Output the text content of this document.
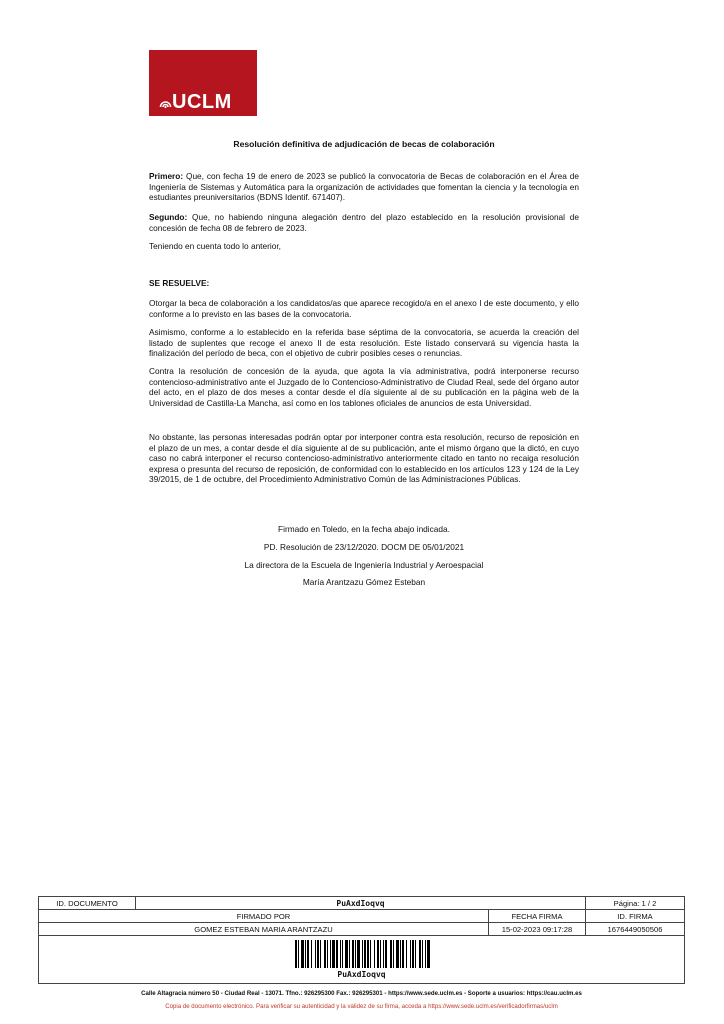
UCLM
Resolución definitiva de adjudicación de becas de colaboración
Primero: Que, con fecha 19 de enero de 2023 se publicó la convocatoria de Becas de colaboración en el Área de Ingeniería de Sistemas y Automática para la organización de actividades que fomentan la ciencia y la tecnología en estudiantes preuniversitarios (BDNS Identif. 671407).
Segundo: Que, no habiendo ninguna alegación dentro del plazo establecido en la resolución provisional de concesión de fecha 08 de febrero de 2023.
Teniendo en cuenta todo lo anterior,
SE RESUELVE:
Otorgar la beca de colaboración a los candidatos/as que aparece recogido/a en el anexo I de este documento, y ello conforme a lo previsto en las bases de la convocatoria.
Asimismo, conforme a lo establecido en la referida base séptima de la convocatoria, se acuerda la creación del listado de suplentes que recoge el anexo II de esta resolución. Este listado conservará su vigencia hasta la finalización del período de beca, con el objetivo de cubrir posibles ceses o renuncias.
Contra la resolución de concesión de la ayuda, que agota la vía administrativa, podrá interponerse recurso contencioso-administrativo ante el Juzgado de lo Contencioso-Administrativo de Ciudad Real, sede del órgano autor del acto, en el plazo de dos meses a contar desde el día siguiente al de su publicación en la página web de la Universidad de Castilla-La Mancha, así como en los tablones oficiales de anuncios de esta Universidad.
No obstante, las personas interesadas podrán optar por interponer contra esta resolución, recurso de reposición en el plazo de un mes, a contar desde el día siguiente al de su publicación, ante el mismo órgano que la dictó, en cuyo caso no cabrá interponer el recurso contencioso-administrativo anteriormente citado en tanto no recaiga resolución expresa o presunta del recurso de reposición, de conformidad con lo establecido en los artículos 123 y 124 de la Ley 39/2015, de 1 de octubre, del Procedimiento Administrativo Común de las Administraciones Públicas.
Firmado en Toledo, en la fecha abajo indicada.
PD. Resolución de 23/12/2020. DOCM DE 05/01/2021
La directora de la Escuela de Ingeniería Industrial y Aeroespacial
María Arantzazu Gómez Esteban
ID. DOCUMENTO	PuAxdIoqvq		Página: 1 / 2
FIRMADO POR		FECHA FIRMA	ID. FIRMA
GOMEZ ESTEBAN MARIA ARANTZAZU		15-02-2023 09:17:28	1676449050506

PuAxdIoqvq			
Calle Altagracia número 50 - Ciudad Real - 13071. Tfno.: 926295300 Fax.: 926295301 - https://www.sede.uclm.es - Soporte a usuarios: https://cau.uclm.es
Copia de documento electrónico. Para verificar su autenticidad y la validez de su firma, acceda a https://www.sede.uclm.es/verificadorfirmas/uclm
